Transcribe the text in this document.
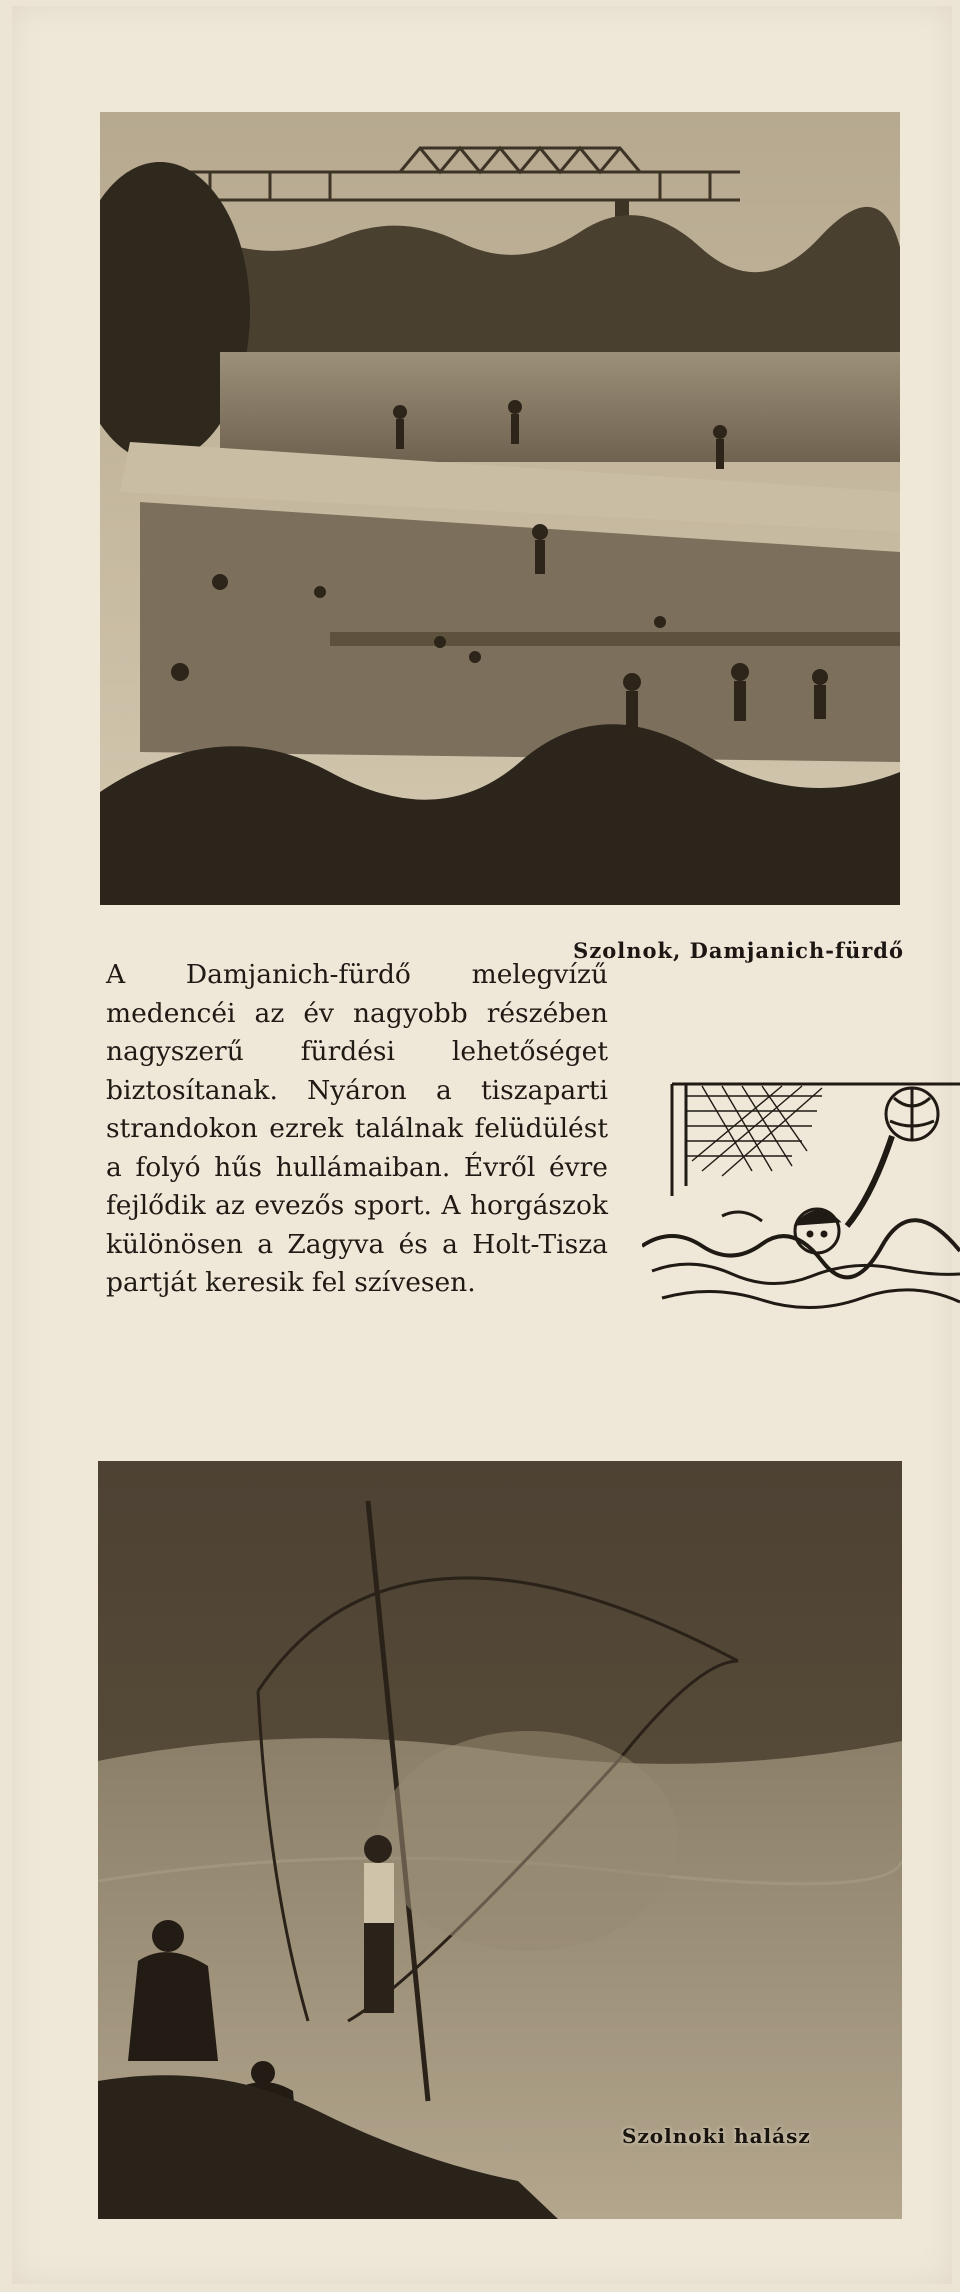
Szolnok, Damjanich-fürdő

A Damjanich-fürdő melegvízű medencéi az év nagyobb részében nagyszerű fürdési lehetőséget biztosítanak. Nyáron a tiszaparti strandokon ezrek találnak felüdülést a folyó hűs hullámaiban. Évről évre fejlődik az evezős sport. A horgászok különösen a Zagyva és a Holt-Tisza partját keresik fel szívesen.

Szolnoki halász
